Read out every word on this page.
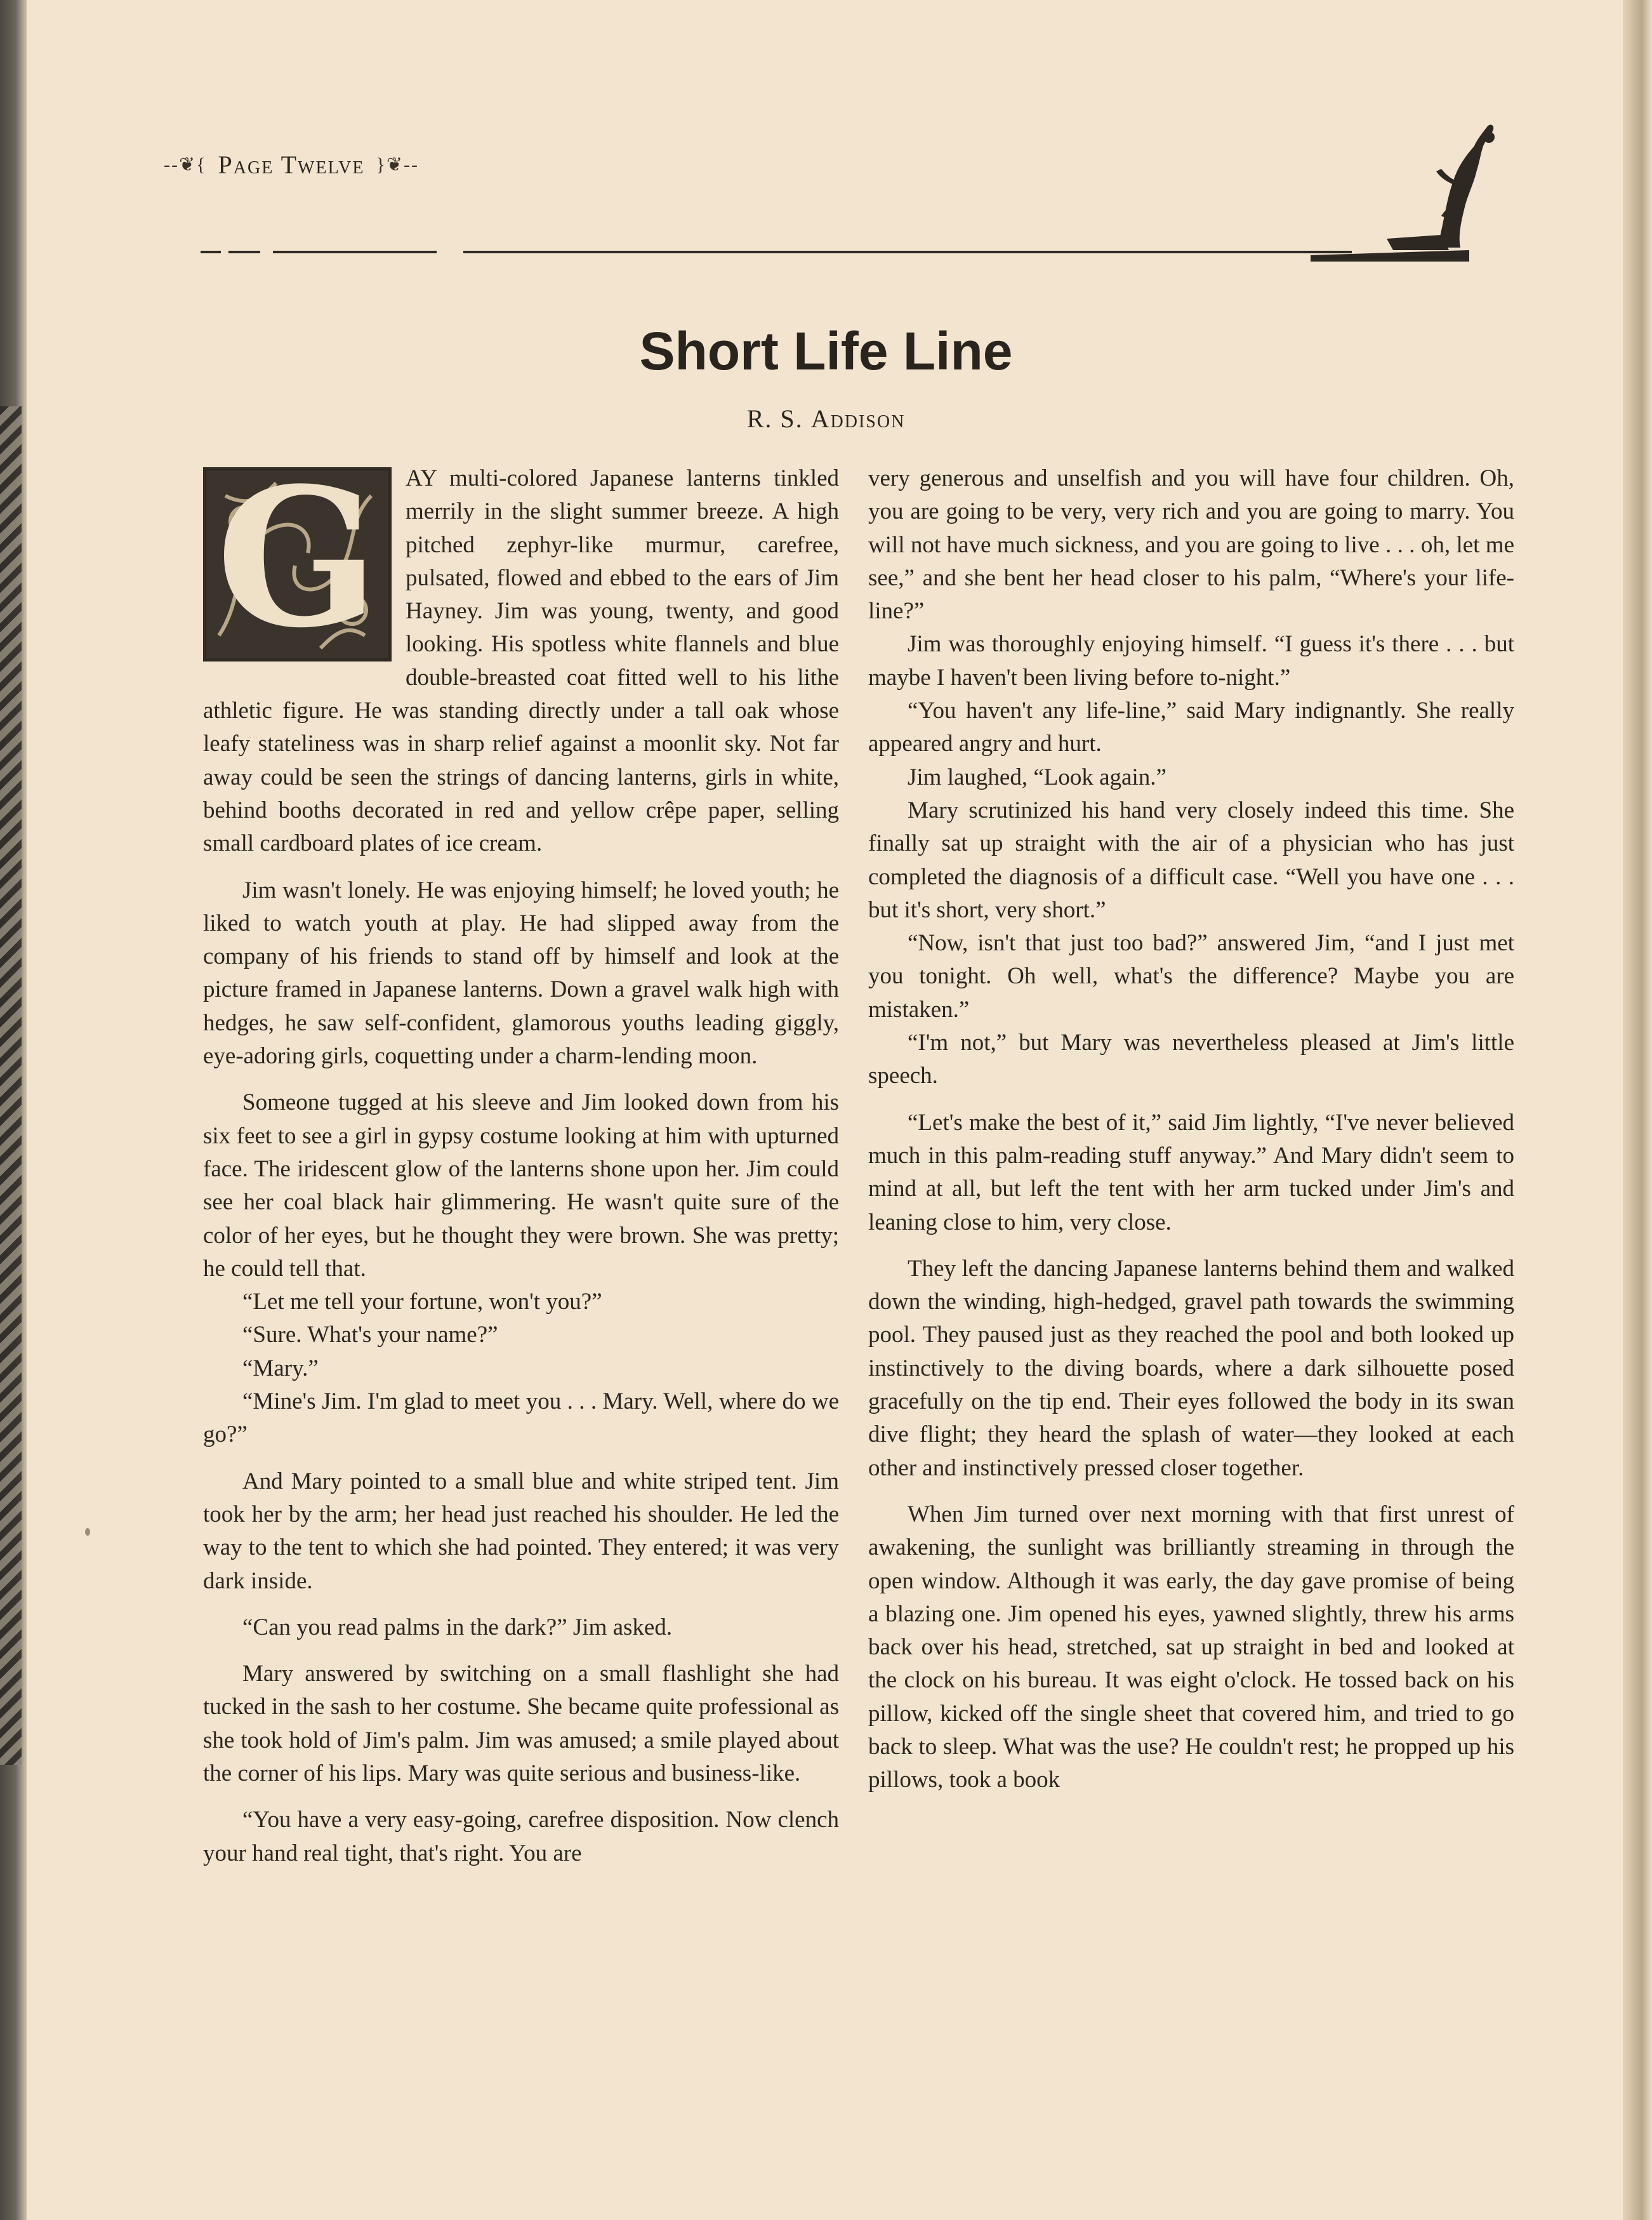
--❦{ Page Twelve }❦--
Short Life Line
R. S. Addison
G	AY multi-colored Japanese lanterns tinkled merrily in the slight summer breeze. A high pitched zephyr-like murmur, carefree, pulsated, flowed and ebbed to the ears of Jim Hayney. Jim was young, twenty, and good looking. His spotless white flannels and blue double-breasted coat fitted well to his lithe athletic figure. He was standing directly under a tall oak whose leafy stateliness was in sharp relief against a moonlit sky. Not far away could be seen the strings of dancing lanterns, girls in white, behind booths decorated in red and yellow crêpe paper, selling small cardboard plates of ice cream.

Jim wasn't lonely. He was enjoying himself; he loved youth; he liked to watch youth at play. He had slipped away from the company of his friends to stand off by himself and look at the picture framed in Japanese lanterns. Down a gravel walk high with hedges, he saw self-confident, glamorous youths leading giggly, eye-adoring girls, coquetting under a charm-lending moon.

Someone tugged at his sleeve and Jim looked down from his six feet to see a girl in gypsy costume looking at him with upturned face. The iridescent glow of the lanterns shone upon her. Jim could see her coal black hair glimmering. He wasn't quite sure of the color of her eyes, but he thought they were brown. She was pretty; he could tell that.

“Let me tell your fortune, won't you?”

“Sure. What's your name?”

“Mary.”

“Mine's Jim. I'm glad to meet you . . . Mary. Well, where do we go?”

And Mary pointed to a small blue and white striped tent. Jim took her by the arm; her head just reached his shoulder. He led the way to the tent to which she had pointed. They entered; it was very dark inside.

“Can you read palms in the dark?” Jim asked.

Mary answered by switching on a small flashlight she had tucked in the sash to her costume. She became quite professional as she took hold of Jim's palm. Jim was amused; a smile played about the corner of his lips. Mary was quite serious and business-like.

“You have a very easy-going, carefree disposition. Now clench your hand real tight, that's right. You are

very generous and unselfish and you will have four children. Oh, you are going to be very, very rich and you are going to marry. You will not have much sickness, and you are going to live . . . oh, let me see,” and she bent her head closer to his palm, “Where's your life-line?”

Jim was thoroughly enjoying himself. “I guess it's there . . . but maybe I haven't been living before to-night.”

“You haven't any life-line,” said Mary indignantly. She really appeared angry and hurt.

Jim laughed, “Look again.”

Mary scrutinized his hand very closely indeed this time. She finally sat up straight with the air of a physician who has just completed the diagnosis of a difficult case. “Well you have one . . . but it's short, very short.”

“Now, isn't that just too bad?” answered Jim, “and I just met you tonight. Oh well, what's the difference? Maybe you are mistaken.”

“I'm not,” but Mary was nevertheless pleased at Jim's little speech.

“Let's make the best of it,” said Jim lightly, “I've never believed much in this palm-reading stuff anyway.” And Mary didn't seem to mind at all, but left the tent with her arm tucked under Jim's and leaning close to him, very close.

They left the dancing Japanese lanterns behind them and walked down the winding, high-hedged, gravel path towards the swimming pool. They paused just as they reached the pool and both looked up instinctively to the diving boards, where a dark silhouette posed gracefully on the tip end. Their eyes followed the body in its swan dive flight; they heard the splash of water—they looked at each other and instinctively pressed closer together.

When Jim turned over next morning with that first unrest of awakening, the sunlight was brilliantly streaming in through the open window. Although it was early, the day gave promise of being a blazing one. Jim opened his eyes, yawned slightly, threw his arms back over his head, stretched, sat up straight in bed and looked at the clock on his bureau. It was eight o'clock. He tossed back on his pillow, kicked off the single sheet that covered him, and tried to go back to sleep. What was the use? He couldn't rest; he propped up his pillows, took a book
